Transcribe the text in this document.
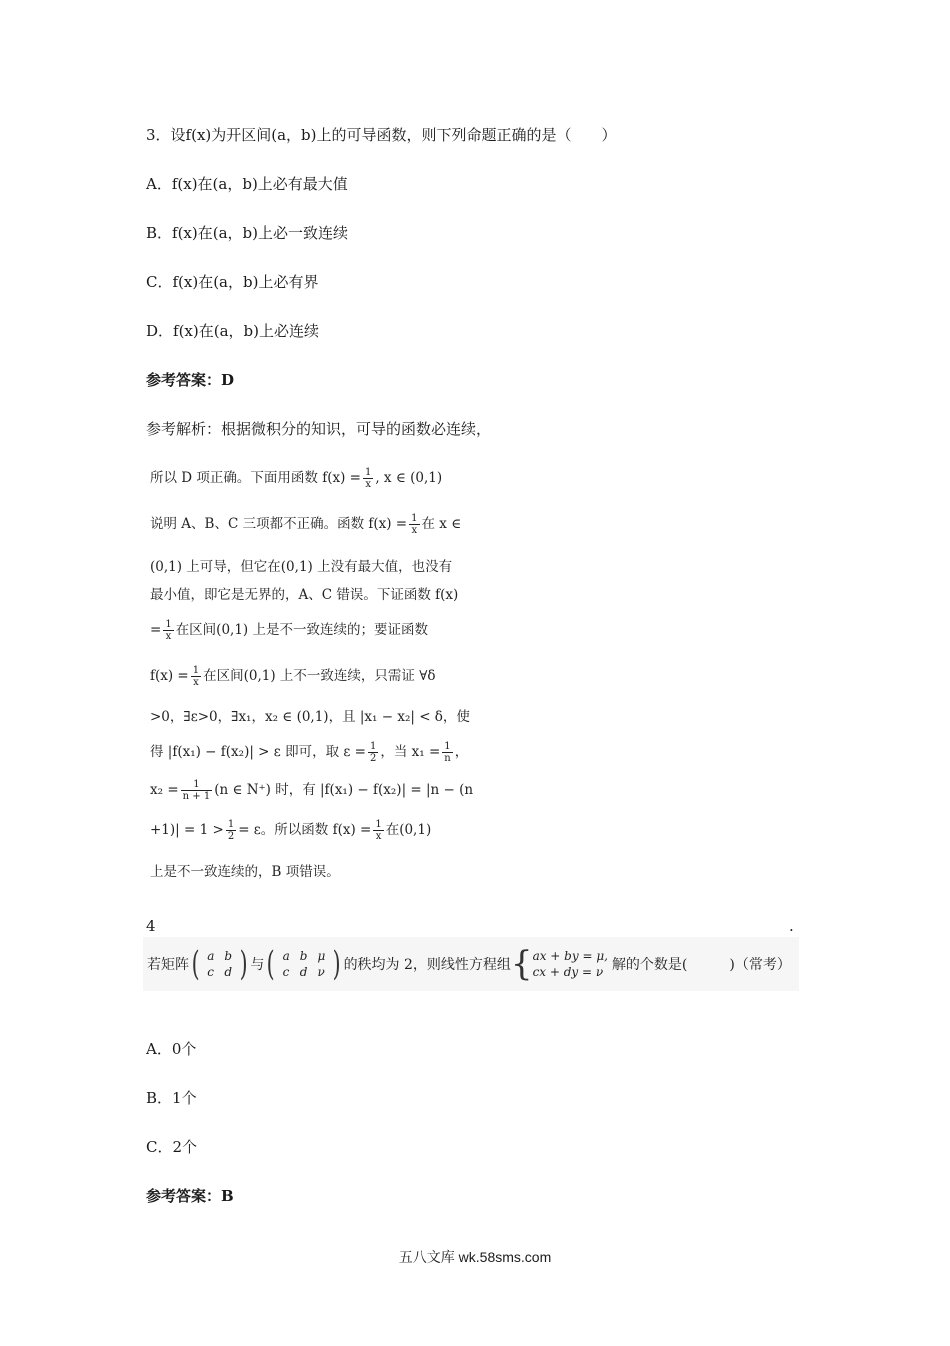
3．设f(x)为开区间(a，b)上的可导函数，则下列命题正确的是（　　）
A．f(x)在(a，b)上必有最大值
B．f(x)在(a，b)上必一致连续
C．f(x)在(a，b)上必有界
D．f(x)在(a，b)上必连续
参考答案：D
参考解析：根据微积分的知识，可导的函数必连续，
所以 D 项正确。下面用函数 $f(x) = \frac{1}{x}$ , x ∈ (0,1)
说明 A、B、C 三项都不正确。函数 $f(x) = \frac{1}{x}$ 在 x ∈
(0,1) 上可导，但它在(0,1) 上没有最大值，也没有
最小值，即它是无界的，A、C 错误。下证函数 f(x)
= $\frac{1}{x}$ 在区间(0,1) 上是不一致连续的；要证函数
$f(x) = \frac{1}{x}$ 在区间(0,1) 上不一致连续，只需证 ∀δ
>0，∃ε>0，∃x₁，x₂ ∈ (0,1)，且 |x₁ − x₂| < δ，使
得 |f(x₁) − f(x₂)| > ε 即可，取 $\varepsilon = \frac{1}{2}$ ，当 $x_1 = \frac{1}{n}$ ，
$x_2 = \frac{1}{n + 1} (n$ ∈ N⁺) 时，有 |f(x₁) − f(x₂)| = |n − (n
$+1)| = 1 > \frac{1}{2} = \varepsilon$。所以函数 $f(x) = \frac{1}{x}$ 在(0,1)
上是不一致连续的，B 项错误。
4	.
若矩阵 ( a	b
c	d ) 与 ( a	b	μ
c	d	ν ) 的秩均为 2，则线性方程组 { ax + by = μ,
cx + dy = ν 解的个数是(　　　)（常考）
A．0个
B．1个
C．2个
参考答案：B
五八文库 wk.58sms.com
